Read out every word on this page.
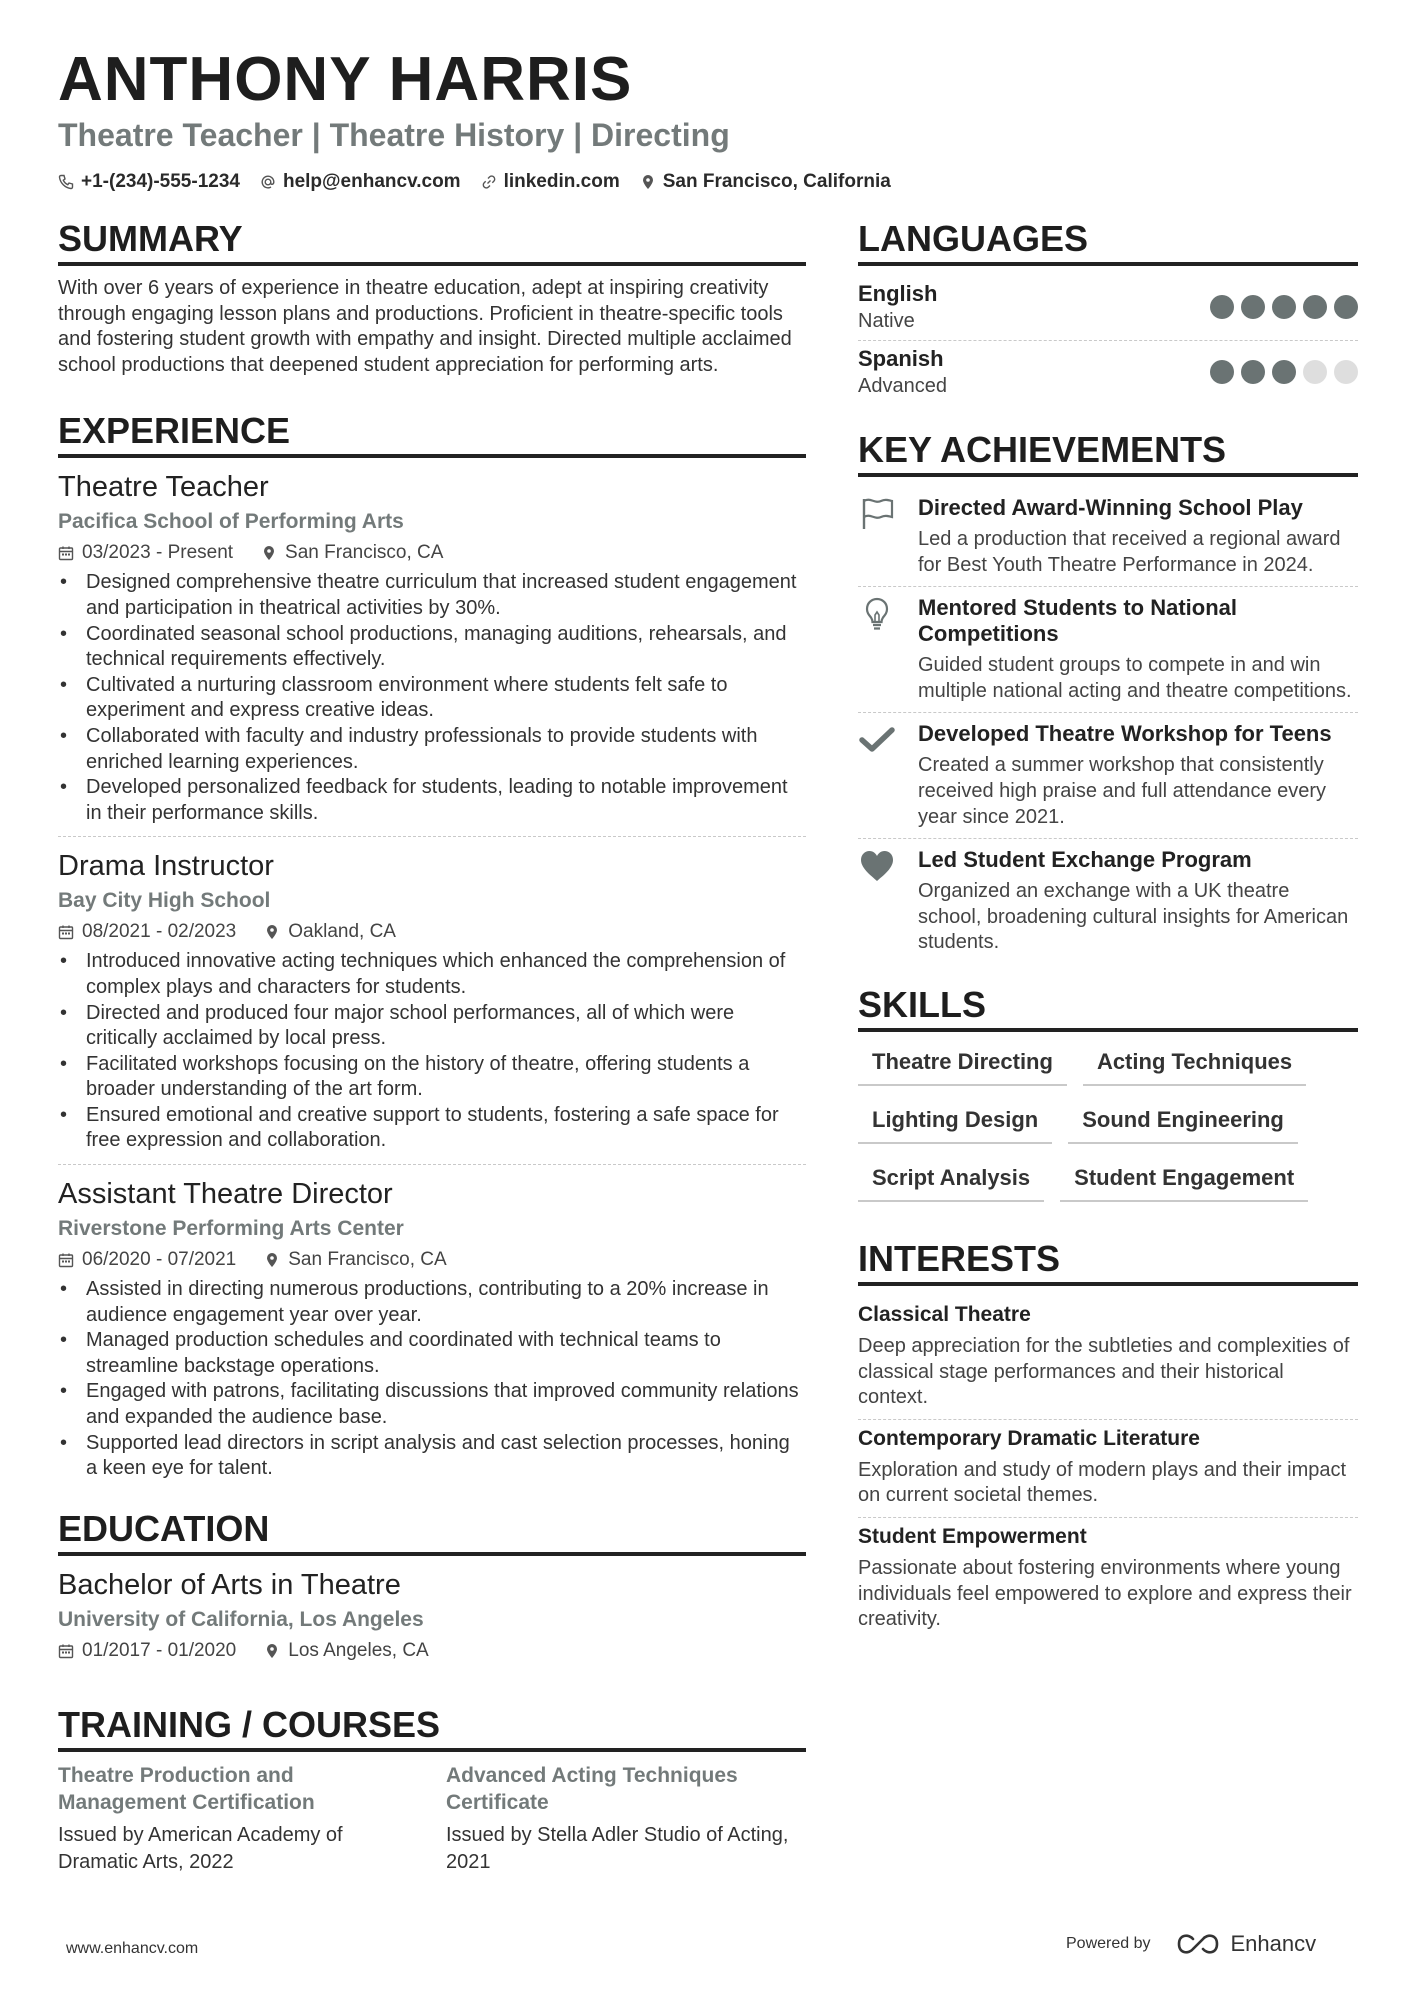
ANTHONY HARRIS
Theatre Teacher | Theatre History | Directing
+1-(234)-555-1234 help@enhancv.com linkedin.com San Francisco, California
SUMMARY
With over 6 years of experience in theatre education, adept at inspiring creativity through engaging lesson plans and productions. Proficient in theatre-specific tools and fostering student growth with empathy and insight. Directed multiple acclaimed school productions that deepened student appreciation for performing arts.
EXPERIENCE
Theatre Teacher
Pacifica School of Performing Arts
03/2023 - Present	San Francisco, CA
• Designed comprehensive theatre curriculum that increased student engagement and participation in theatrical activities by 30%.
• Coordinated seasonal school productions, managing auditions, rehearsals, and technical requirements effectively.
• Cultivated a nurturing classroom environment where students felt safe to experiment and express creative ideas.
• Collaborated with faculty and industry professionals to provide students with enriched learning experiences.
• Developed personalized feedback for students, leading to notable improvement in their performance skills.
Drama Instructor
Bay City High School
08/2021 - 02/2023	Oakland, CA
• Introduced innovative acting techniques which enhanced the comprehension of complex plays and characters for students.
• Directed and produced four major school performances, all of which were critically acclaimed by local press.
• Facilitated workshops focusing on the history of theatre, offering students a broader understanding of the art form.
• Ensured emotional and creative support to students, fostering a safe space for free expression and collaboration.
Assistant Theatre Director
Riverstone Performing Arts Center
06/2020 - 07/2021	San Francisco, CA
• Assisted in directing numerous productions, contributing to a 20% increase in audience engagement year over year.
• Managed production schedules and coordinated with technical teams to streamline backstage operations.
• Engaged with patrons, facilitating discussions that improved community relations and expanded the audience base.
• Supported lead directors in script analysis and cast selection processes, honing a keen eye for talent.
EDUCATION
Bachelor of Arts in Theatre
University of California, Los Angeles
01/2017 - 01/2020	Los Angeles, CA
TRAINING / COURSES
Theatre Production and Management Certification
Issued by American Academy of Dramatic Arts, 2022
Advanced Acting Techniques Certificate
Issued by Stella Adler Studio of Acting, 2021
LANGUAGES
English
Native
Spanish
Advanced
KEY ACHIEVEMENTS
Directed Award-Winning School Play
Led a production that received a regional award for Best Youth Theatre Performance in 2024.
Mentored Students to National Competitions
Guided student groups to compete in and win multiple national acting and theatre competitions.
Developed Theatre Workshop for Teens
Created a summer workshop that consistently received high praise and full attendance every year since 2021.
Led Student Exchange Program
Organized an exchange with a UK theatre school, broadening cultural insights for American students.
SKILLS
Theatre Directing	Acting Techniques
Lighting Design	Sound Engineering
Script Analysis	Student Engagement
INTERESTS
Classical Theatre
Deep appreciation for the subtleties and complexities of classical stage performances and their historical context.
Contemporary Dramatic Literature
Exploration and study of modern plays and their impact on current societal themes.
Student Empowerment
Passionate about fostering environments where young individuals feel empowered to explore and express their creativity.
www.enhancv.com	Powered by	Enhancv
